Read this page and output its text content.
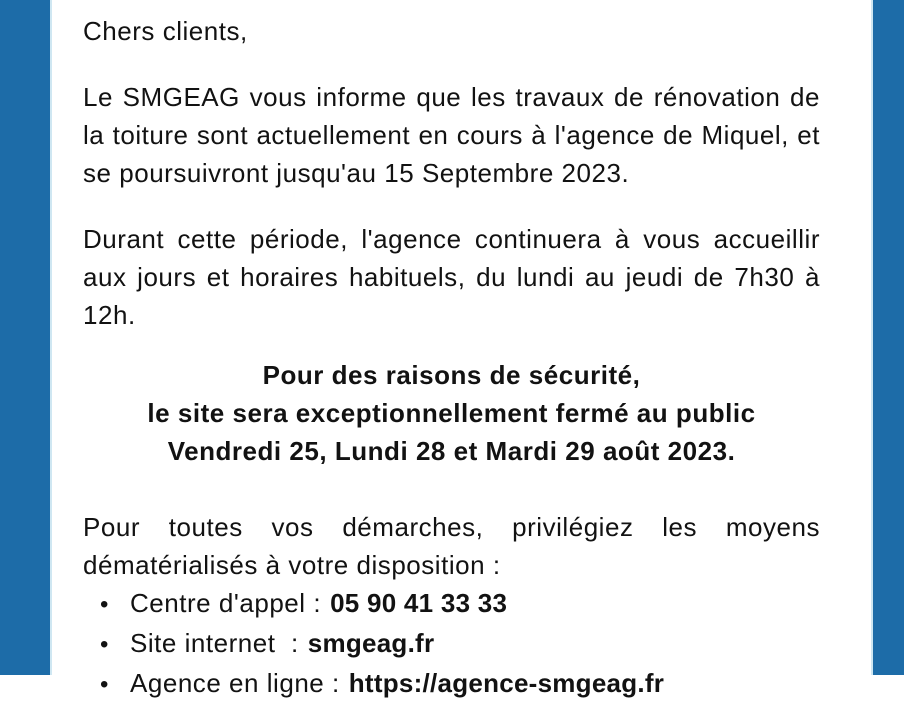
Chers clients,

Le SMGEAG vous informe que les travaux de rénovation de la toiture sont actuellement en cours à l'agence de Miquel, et se poursuivront jusqu'au 15 Septembre 2023.

Durant cette période, l'agence continuera à vous accueillir aux jours et horaires habituels, du lundi au jeudi de 7h30 à 12h.

Pour des raisons de sécurité,
le site sera exceptionnellement fermé au public
Vendredi 25, Lundi 28 et Mardi 29 août 2023.

Pour toutes vos démarches, privilégiez les moyens dématérialisés à votre disposition :

• Centre d'appel : 05 90 41 33 33
• Site internet  : smgeag.fr
• Agence en ligne : https://agence-smgeag.fr
